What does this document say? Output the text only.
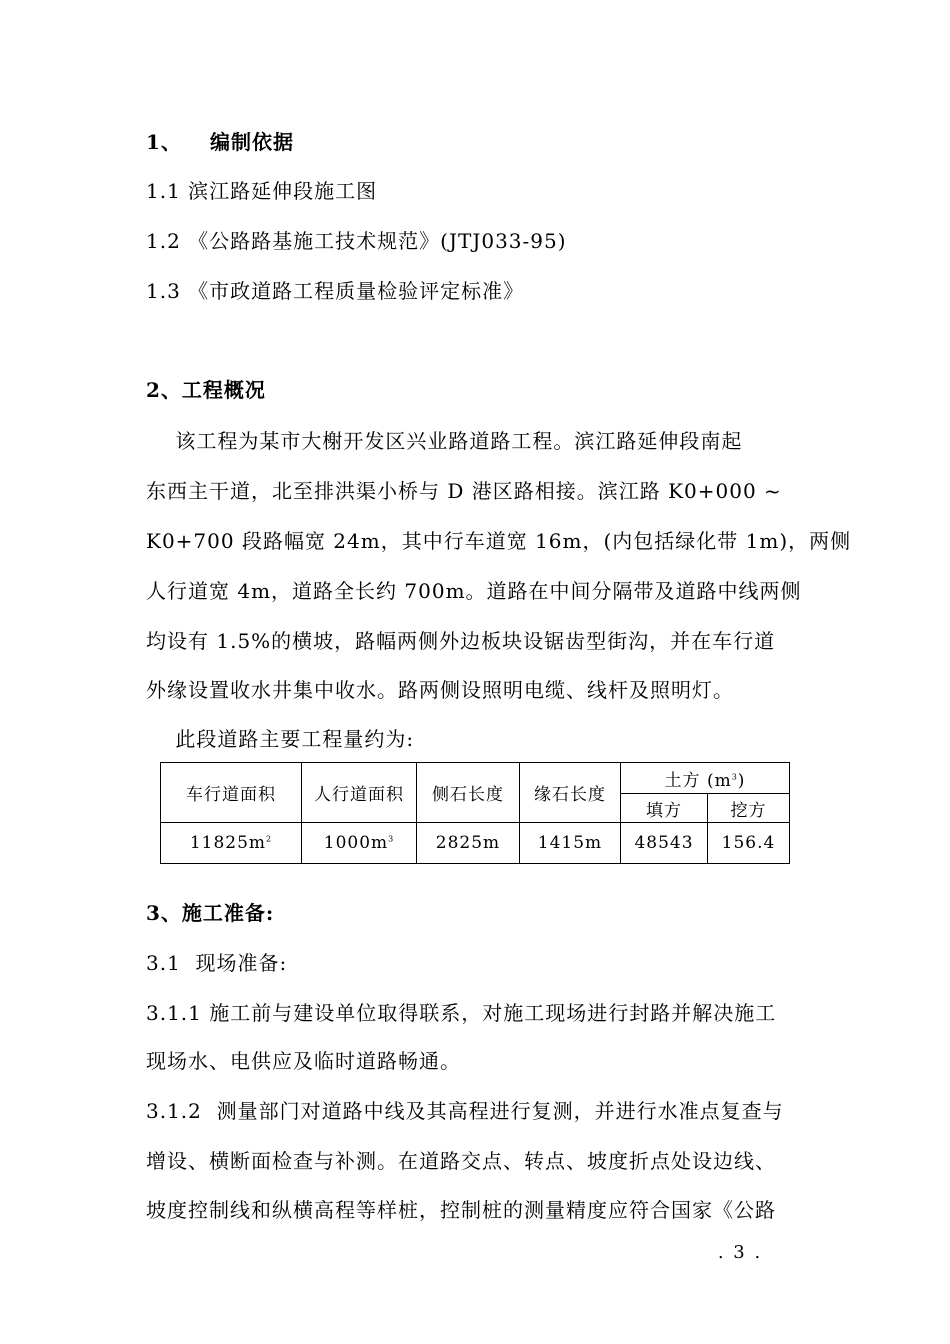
1、 编制依据
1.1 滨江路延伸段施工图
1.2 《公路路基施工技术规范》(JTJ033-95)
1.3 《市政道路工程质量检验评定标准》
2、工程概况
该工程为某市大榭开发区兴业路道路工程。滨江路延伸段南起
东西主干道，北至排洪渠小桥与 D 港区路相接。滨江路 K0+000 ~
K0+700 段路幅宽 24m，其中行车道宽 16m，(内包括绿化带 1m)，两侧
人行道宽 4m，道路全长约 700m。道路在中间分隔带及道路中线两侧
均设有 1.5%的横坡，路幅两侧外边板块设锯齿型街沟，并在车行道
外缘设置收水井集中收水。路两侧设照明电缆、线杆及照明灯。
此段道路主要工程量约为:
车行道面积	人行道面积	侧石长度	缘石长度	土方 $(m^3)$	
				填方	挖方
$11825m^2$	$1000m^3$	2825m	1415m	48543	156.4
3、施工准备:
3.1  现场准备:
3.1.1 施工前与建设单位取得联系，对施工现场进行封路并解决施工
现场水、电供应及临时道路畅通。
3.1.2  测量部门对道路中线及其高程进行复测，并进行水准点复查与
增设、横断面检查与补测。在道路交点、转点、坡度折点处设边线、
坡度控制线和纵横高程等样桩，控制桩的测量精度应符合国家《公路
. 3 .
